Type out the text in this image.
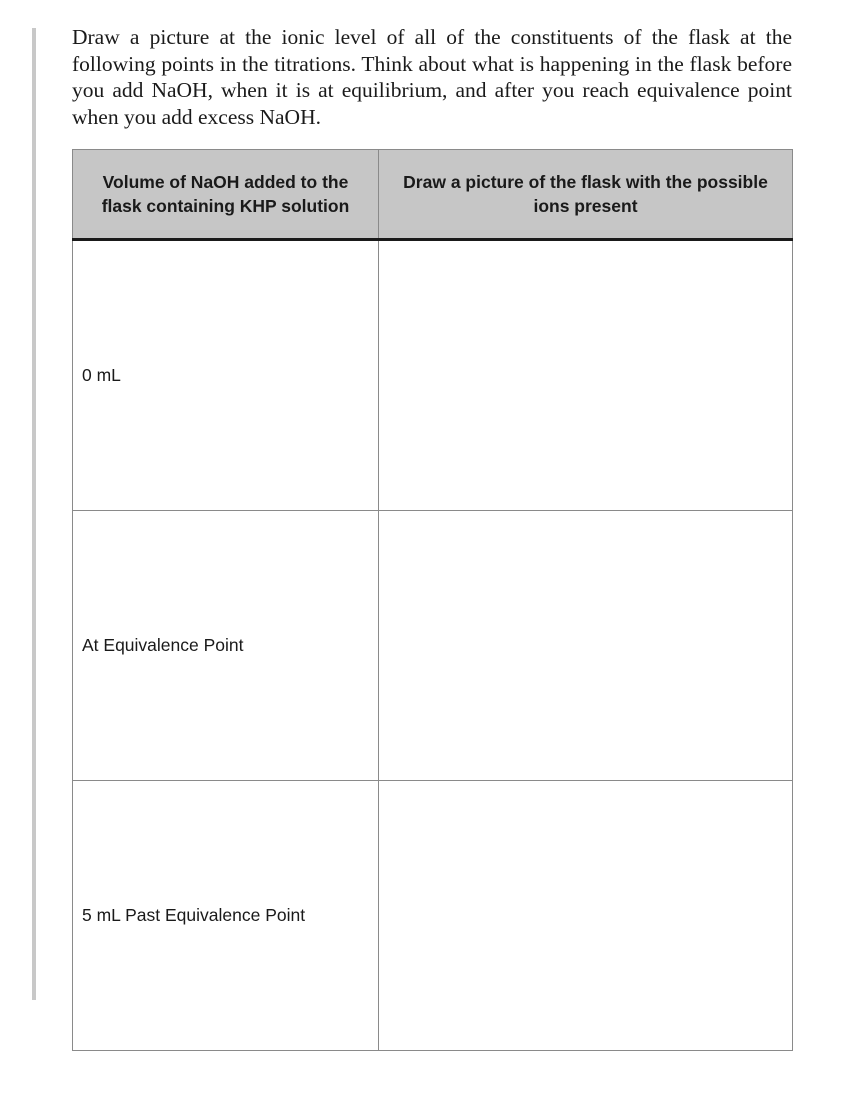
Draw a picture at the ionic level of all of the constituents of the flask at the following points in the titrations. Think about what is happening in the flask before you add NaOH, when it is at equilibrium, and after you reach equivalence point when you add excess NaOH.

Volume of NaOH added to the flask containing KHP solution	Draw a picture of the flask with the possible ions present

0 mL	
At Equivalence Point	
5 mL Past Equivalence Point	
